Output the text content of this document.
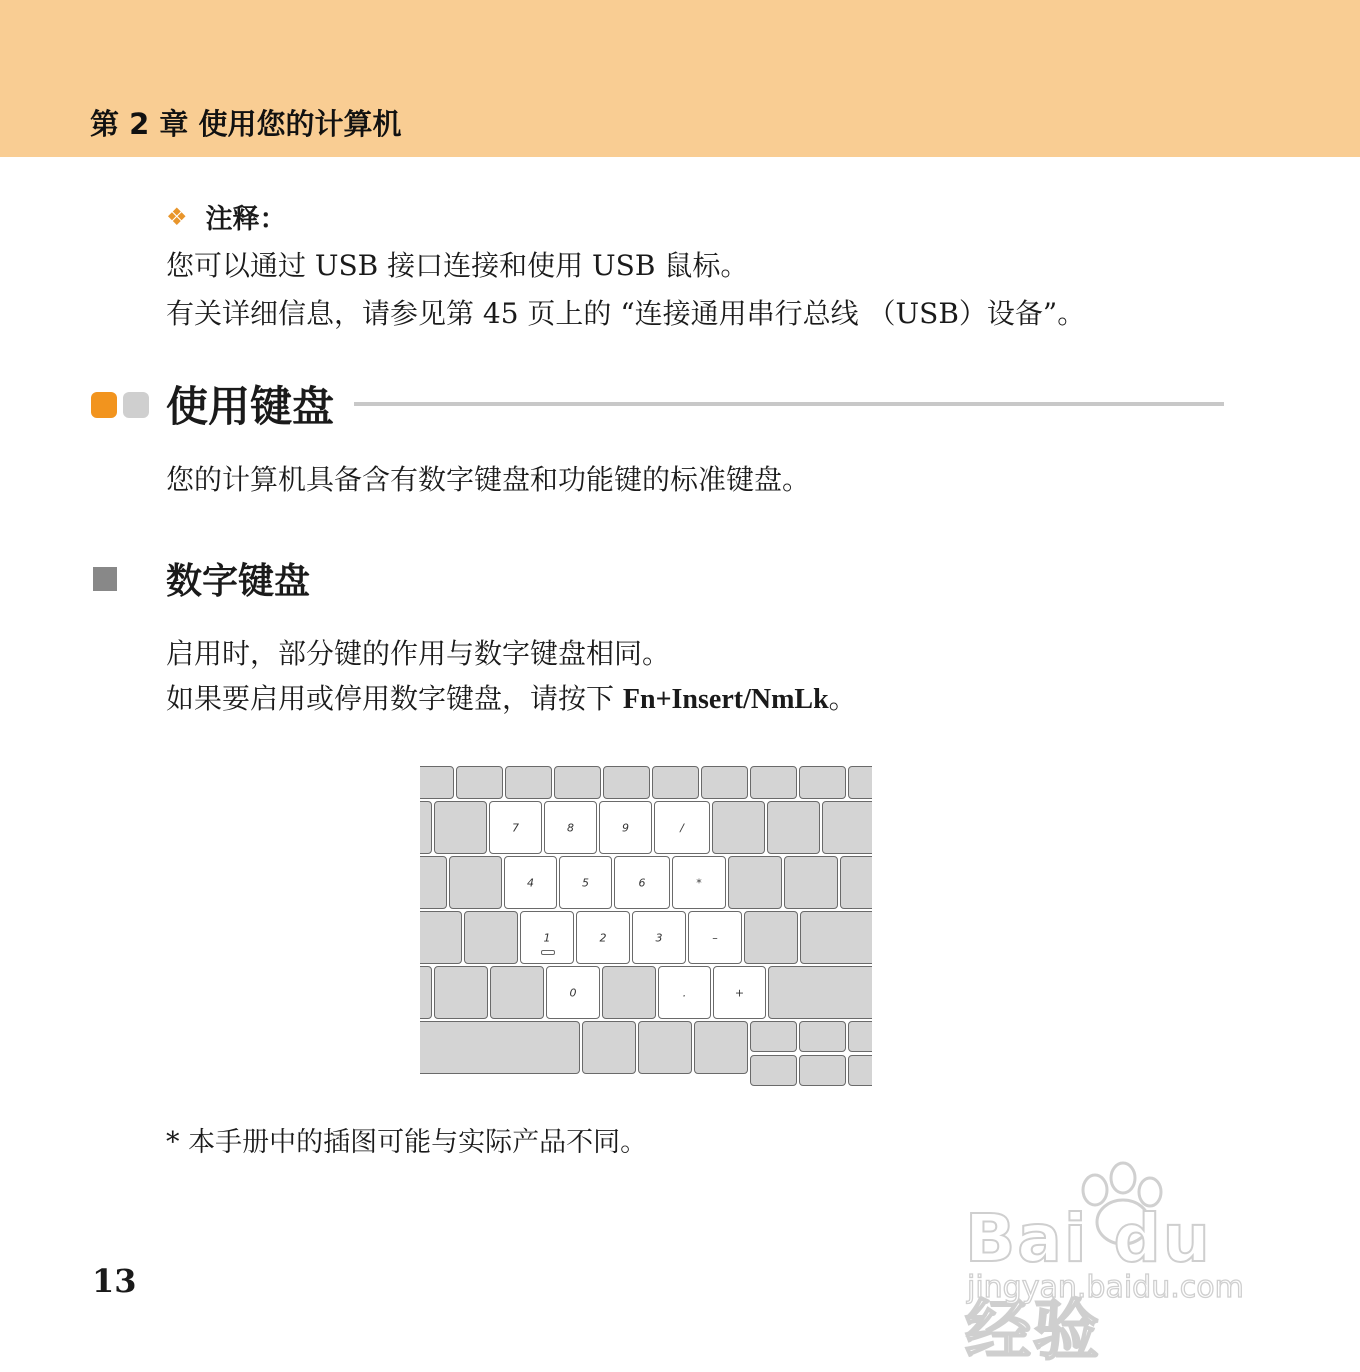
第 2 章 使用您的计算机
❖ 注释：
您可以通过 USB 接口连接和使用 USB 鼠标。
有关详细信息，请参见第 45 页上的 “连接通用串行总线 （USB）设备”。
使用键盘
您的计算机具备含有数字键盘和功能键的标准键盘。
数字键盘
启用时，部分键的作用与数字键盘相同。
如果要启用或停用数字键盘，请按下 Fn+Insert/NmLk。
7	8	9	/
4	5	6	*
1	2	3	–
0	.	+
* 本手册中的插图可能与实际产品不同。
13
Bai du 经验
jingyan.baidu.com
